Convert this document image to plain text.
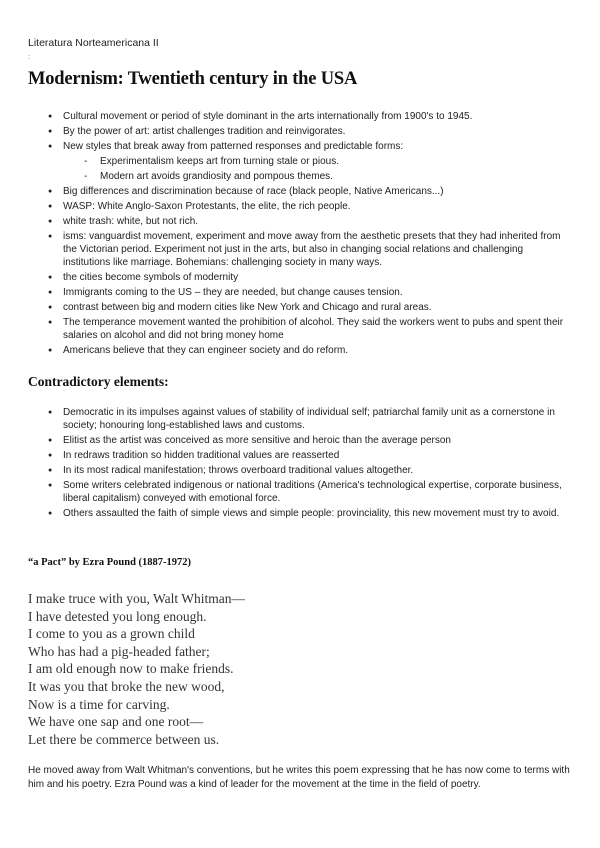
Literatura Norteamericana II
:
Modernism: Twentieth century in the USA
● Cultural movement or period of style dominant in the arts internationally from 1900's to 1945.
● By the power of art: artist challenges tradition and reinvigorates.
● New styles that break away from patterned responses and predictable forms:
- Experimentalism keeps art from turning stale or pious.
- Modern art avoids grandiosity and pompous themes.
● Big differences and discrimination because of race (black people, Native Americans...)
● WASP: White Anglo-Saxon Protestants, the elite, the rich people.
● white trash: white, but not rich.
● isms: vanguardist movement, experiment and move away from the aesthetic presets that they had inherited from the Victorian period. Experiment not just in the arts, but also in changing social relations and challenging institutions like marriage. Bohemians: challenging society in many ways.
● the cities become symbols of modernity
● Immigrants coming to the US – they are needed, but change causes tension.
● contrast between big and modern cities like New York and Chicago and rural areas.
● The temperance movement wanted the prohibition of alcohol. They said the workers went to pubs and spent their salaries on alcohol and did not bring money home
● Americans believe that they can engineer society and do reform.
Contradictory elements:
● Democratic in its impulses against values of stability of individual self; patriarchal family unit as a cornerstone in society; honouring long-established laws and customs.
● Elitist as the artist was conceived as more sensitive and heroic than the average person
● In redraws tradition so hidden traditional values are reasserted
● In its most radical manifestation; throws overboard traditional values altogether.
● Some writers celebrated indigenous or national traditions (America's technological expertise, corporate business, liberal capitalism) conveyed with emotional force.
● Others assaulted the faith of simple views and simple people: provinciality, this new movement must try to avoid.
“a Pact” by Ezra Pound (1887-1972)
I make truce with you, Walt Whitman—
I have detested you long enough.
I come to you as a grown child
Who has had a pig-headed father;
I am old enough now to make friends.
It was you that broke the new wood,
Now is a time for carving.
We have one sap and one root—
Let there be commerce between us.

He moved away from Walt Whitman's conventions, but he writes this poem expressing that he has now come to terms with him and his poetry. Ezra Pound was a kind of leader for the movement at the time in the field of poetry.
